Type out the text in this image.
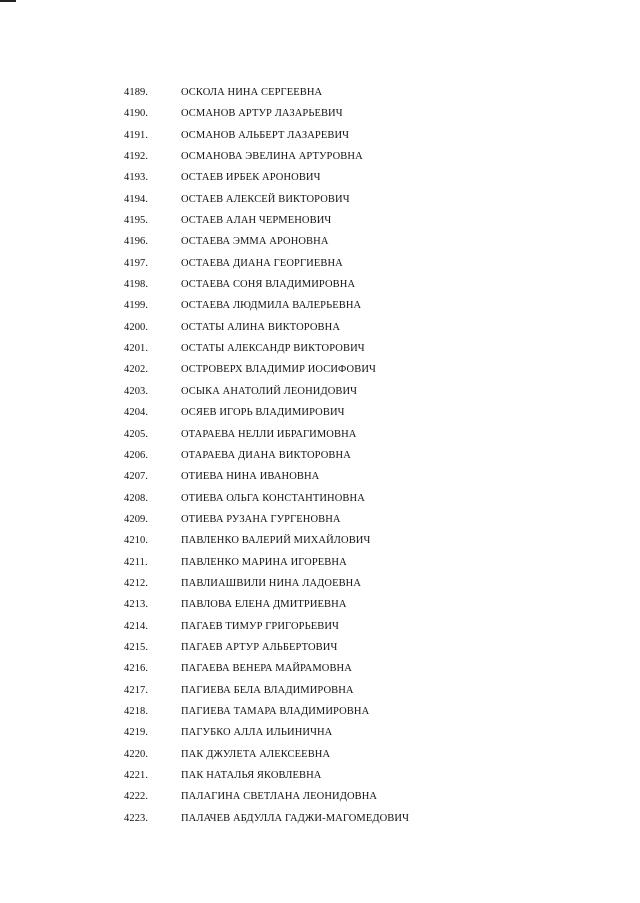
4189.	ОСКОЛА НИНА СЕРГЕЕВНА
4190.	ОСМАНОВ АРТУР ЛАЗАРЬЕВИЧ
4191.	ОСМАНОВ АЛЬБЕРТ ЛАЗАРЕВИЧ
4192.	ОСМАНОВА ЭВЕЛИНА АРТУРОВНА
4193.	ОСТАЕВ ИРБЕК АРОНОВИЧ
4194.	ОСТАЕВ АЛЕКСЕЙ ВИКТОРОВИЧ
4195.	ОСТАЕВ АЛАН ЧЕРМЕНОВИЧ
4196.	ОСТАЕВА ЭММА АРОНОВНА
4197.	ОСТАЕВА ДИАНА ГЕОРГИЕВНА
4198.	ОСТАЕВА СОНЯ ВЛАДИМИРОВНА
4199.	ОСТАЕВА ЛЮДМИЛА ВАЛЕРЬЕВНА
4200.	ОСТАТЫ АЛИНА ВИКТОРОВНА
4201.	ОСТАТЫ АЛЕКСАНДР ВИКТОРОВИЧ
4202.	ОСТРОВЕРХ ВЛАДИМИР ИОСИФОВИЧ
4203.	ОСЫКА АНАТОЛИЙ ЛЕОНИДОВИЧ
4204.	ОСЯЕВ ИГОРЬ ВЛАДИМИРОВИЧ
4205.	ОТАРАЕВА НЕЛЛИ ИБРАГИМОВНА
4206.	ОТАРАЕВА ДИАНА ВИКТОРОВНА
4207.	ОТИЕВА НИНА ИВАНОВНА
4208.	ОТИЕВА ОЛЬГА КОНСТАНТИНОВНА
4209.	ОТИЕВА РУЗАНА ГУРГЕНОВНА
4210.	ПАВЛЕНКО ВАЛЕРИЙ МИХАЙЛОВИЧ
4211.	ПАВЛЕНКО МАРИНА ИГОРЕВНА
4212.	ПАВЛИАШВИЛИ НИНА ЛАДОЕВНА
4213.	ПАВЛОВА ЕЛЕНА ДМИТРИЕВНА
4214.	ПАГАЕВ ТИМУР ГРИГОРЬЕВИЧ
4215.	ПАГАЕВ АРТУР АЛЬБЕРТОВИЧ
4216.	ПАГАЕВА ВЕНЕРА МАЙРАМОВНА
4217.	ПАГИЕВА БЕЛА ВЛАДИМИРОВНА
4218.	ПАГИЕВА ТАМАРА ВЛАДИМИРОВНА
4219.	ПАГУБКО АЛЛА ИЛЬИНИЧНА
4220.	ПАК ДЖУЛЕТА АЛЕКСЕЕВНА
4221.	ПАК НАТАЛЬЯ ЯКОВЛЕВНА
4222.	ПАЛАГИНА СВЕТЛАНА ЛЕОНИДОВНА
4223.	ПАЛАЧЕВ АБДУЛЛА ГАДЖИ-МАГОМЕДОВИЧ
